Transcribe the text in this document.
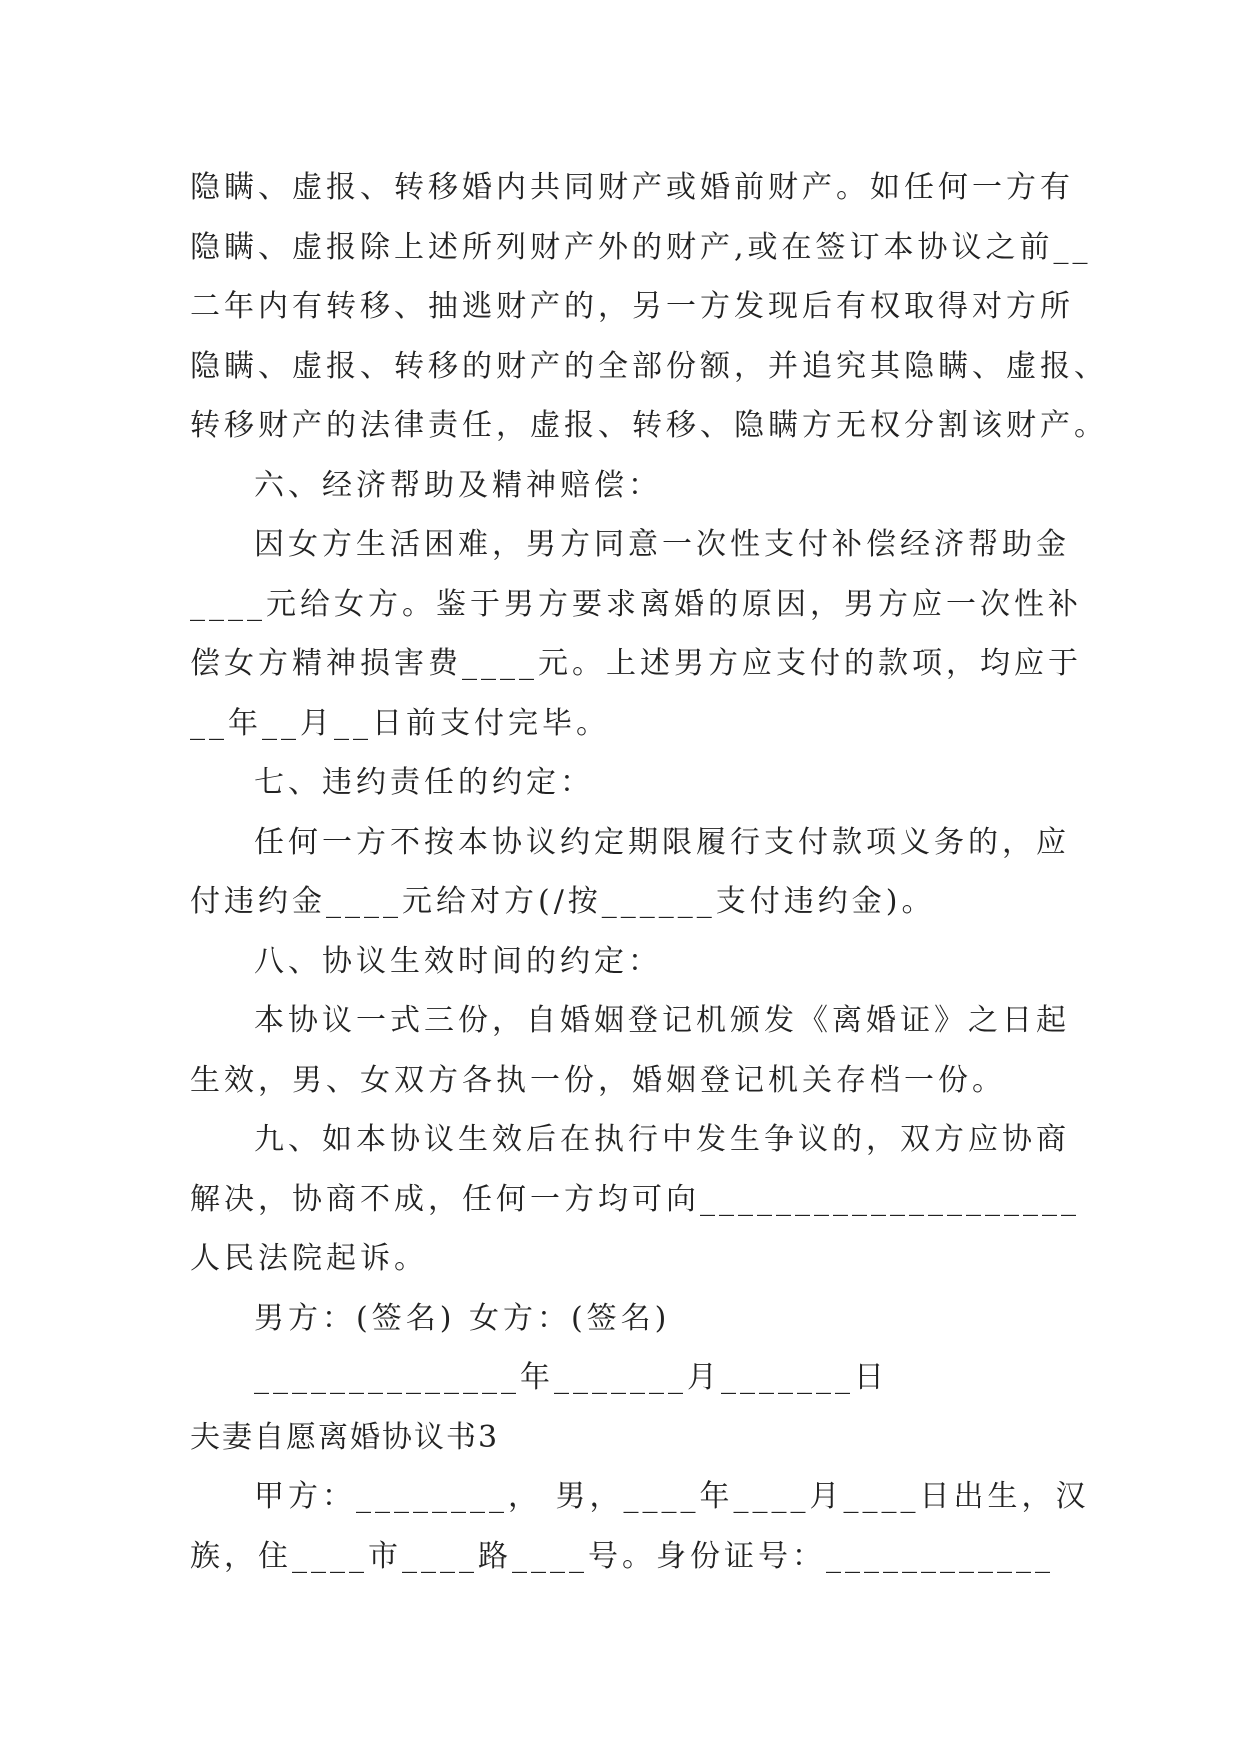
隐瞒、虚报、转移婚内共同财产或婚前财产。如任何一方有
隐瞒、虚报除上述所列财产外的财产,或在签订本协议之前__
二年内有转移、抽逃财产的，另一方发现后有权取得对方所
隐瞒、虚报、转移的财产的全部份额，并追究其隐瞒、虚报、
转移财产的法律责任，虚报、转移、隐瞒方无权分割该财产。
六、经济帮助及精神赔偿：
因女方生活困难，男方同意一次性支付补偿经济帮助金
____元给女方。鉴于男方要求离婚的原因，男方应一次性补
偿女方精神损害费____元。上述男方应支付的款项，均应于
__年__月__日前支付完毕。
七、违约责任的约定：
任何一方不按本协议约定期限履行支付款项义务的，应
付违约金____元给对方(/按______支付违约金)。
八、协议生效时间的约定：
本协议一式三份，自婚姻登记机颁发《离婚证》之日起
生效，男、女双方各执一份，婚姻登记机关存档一份。
九、如本协议生效后在执行中发生争议的，双方应协商
解决，协商不成，任何一方均可向____________________
人民法院起诉。
男方：(签名) 女方：(签名)
______________年_______月_______日
夫妻自愿离婚协议书3
甲方：________， 男，____年____月____日出生，汉
族，住____市____路____号。身份证号：____________
